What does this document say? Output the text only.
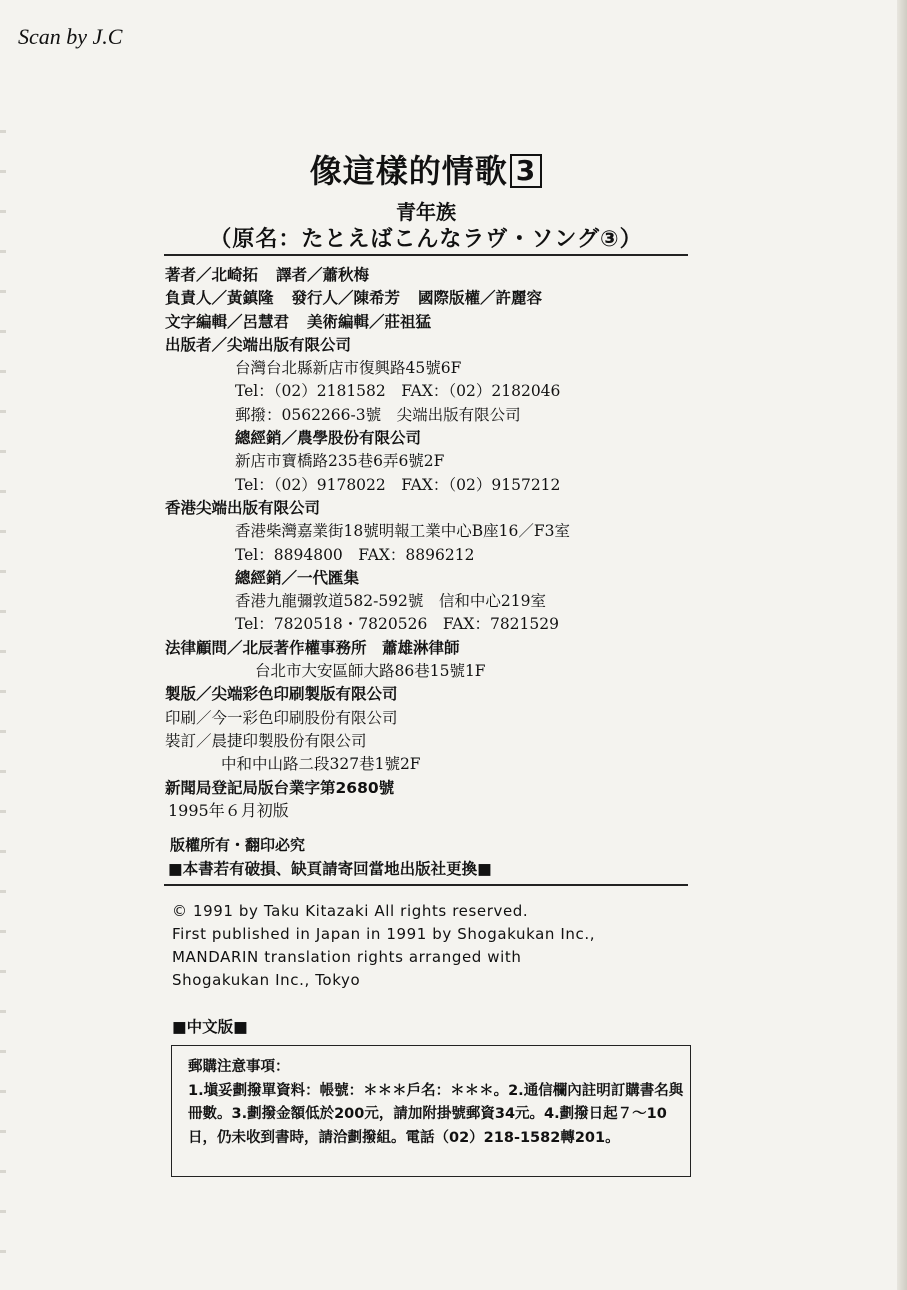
Scan by J.C
像這樣的情歌 3
青年族
（原名：たとえばこんなラヴ・ソング③）
著者／北崎拓 譯者／蕭秋梅
負責人／黃鎮隆 發行人／陳希芳 國際版權／許麗容
文字編輯／呂慧君 美術編輯／莊祖猛
出版者／尖端出版有限公司
台灣台北縣新店市復興路45號6F
Tel：（02）2181582　FAX：（02）2182046
郵撥：0562266-3號　尖端出版有限公司
總經銷／農學股份有限公司
新店市寶橋路235巷6弄6號2F
Tel：（02）9178022　FAX：（02）9157212
香港尖端出版有限公司
香港柴灣嘉業街18號明報工業中心B座16／F3室
Tel：8894800　FAX：8896212
總經銷／一代匯集
香港九龍彌敦道582-592號　信和中心219室
Tel：7820518・7820526　FAX：7821529
法律顧問／北辰著作權事務所　蕭雄淋律師
台北市大安區師大路86巷15號1F
製版／尖端彩色印刷製版有限公司
印刷／今一彩色印刷股份有限公司
裝訂／晨捷印製股份有限公司
中和中山路二段327巷1號2F
新聞局登記局版台業字第2680號
1995年６月初版
版權所有・翻印必究
■本書若有破損、缺頁請寄回當地出版社更換■
© 1991 by Taku Kitazaki All rights reserved.
First published in Japan in 1991 by Shogakukan Inc.,
MANDARIN translation rights arranged with
Shogakukan Inc., Tokyo
■中文版■
郵購注意事項：
1.塡妥劃撥單資料：帳號：＊＊＊戶名：＊＊＊。2.通信欄內註明訂購書名與冊數。3.劃撥金額低於200元，請加附掛號郵資34元。4.劃撥日起７～10日，仍未收到書時，請洽劃撥組。電話（02）218-1582轉201。
